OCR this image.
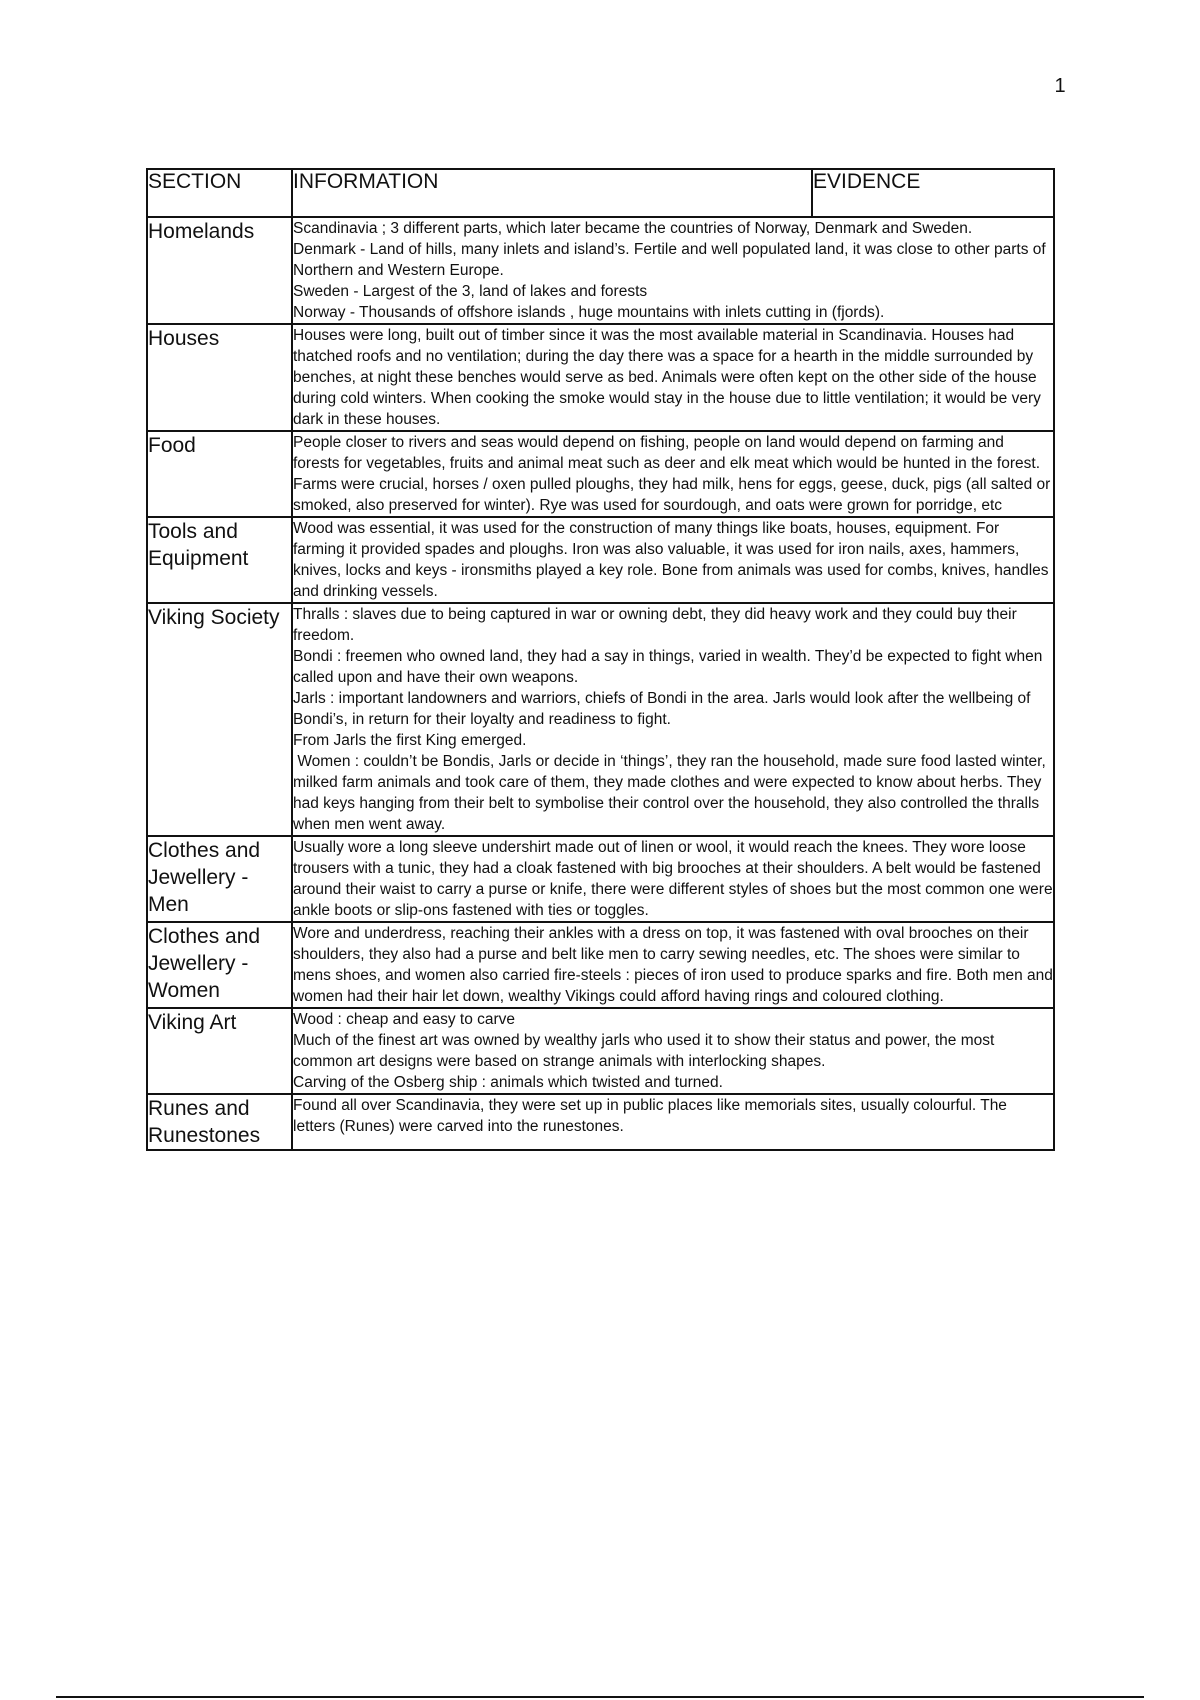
1
SECTION	INFORMATION	EVIDENCE
Homelands	Scandinavia ; 3 different parts, which later became the countries of Norway, Denmark and Sweden.
Denmark - Land of hills, many inlets and island’s. Fertile and well populated land, it was close to other parts of Northern and Western Europe.
Sweden - Largest of the 3, land of lakes and forests
Norway - Thousands of offshore islands , huge mountains with inlets cutting in (fjords).	

Houses	Houses were long, built out of timber since it was the most available material in Scandinavia. Houses had thatched roofs and no ventilation; during the day there was a space for a hearth in the middle surrounded by benches, at night these benches would serve as bed. Animals were often kept on the other side of the house during cold winters. When cooking the smoke would stay in the house due to little ventilation; it would be very dark in these houses.	

Food	People closer to rivers and seas would depend on fishing, people on land would depend on farming and forests for vegetables, fruits and animal meat such as deer and elk meat which would be hunted in the forest. Farms were crucial, horses / oxen pulled ploughs, they had milk, hens for eggs, geese, duck, pigs (all salted or smoked, also preserved for winter). Rye was used for sourdough, and oats were grown for porridge, etc	

Tools and Equipment	Wood was essential, it was used for the construction of many things like boats, houses, equipment. For farming it provided spades and ploughs. Iron was also valuable, it was used for iron nails, axes, hammers, knives, locks and keys - ironsmiths played a key role. Bone from animals was used for combs, knives, handles and drinking vessels.	

Viking Society	Thralls : slaves due to being captured in war or owning debt, they did heavy work and they could buy their freedom.
Bondi : freemen who owned land, they had a say in things, varied in wealth. They’d be expected to fight when called upon and have their own weapons.
Jarls : important landowners and warriors, chiefs of Bondi in the area. Jarls would look after the wellbeing of Bondi’s, in return for their loyalty and readiness to fight.
From Jarls the first King emerged.
Women : couldn’t be Bondis, Jarls or decide in ‘things’, they ran the household, made sure food lasted winter, milked farm animals and took care of them, they made clothes and were expected to know about herbs. They had keys hanging from their belt to symbolise their control over the household, they also controlled the thralls when men went away.	

Clothes and Jewellery - Men	Usually wore a long sleeve undershirt made out of linen or wool, it would reach the knees. They wore loose trousers with a tunic, they had a cloak fastened with big brooches at their shoulders. A belt would be fastened around their waist to carry a purse or knife, there were different styles of shoes but the most common one were ankle boots or slip-ons fastened with ties or toggles.	

Clothes and Jewellery - Women	Wore and underdress, reaching their ankles with a dress on top, it was fastened with oval brooches on their shoulders, they also had a purse and belt like men to carry sewing needles, etc. The shoes were similar to mens shoes, and women also carried fire-steels : pieces of iron used to produce sparks and fire. Both men and women had their hair let down, wealthy Vikings could afford having rings and coloured clothing.	

Viking Art	Wood : cheap and easy to carve
Much of the finest art was owned by wealthy jarls who used it to show their status and power, the most common art designs were based on strange animals with interlocking shapes.
Carving of the Osberg ship : animals which twisted and turned.	

Runes and Runestones	Found all over Scandinavia, they were set up in public places like memorials sites, usually colourful. The letters (Runes) were carved into the runestones.	
